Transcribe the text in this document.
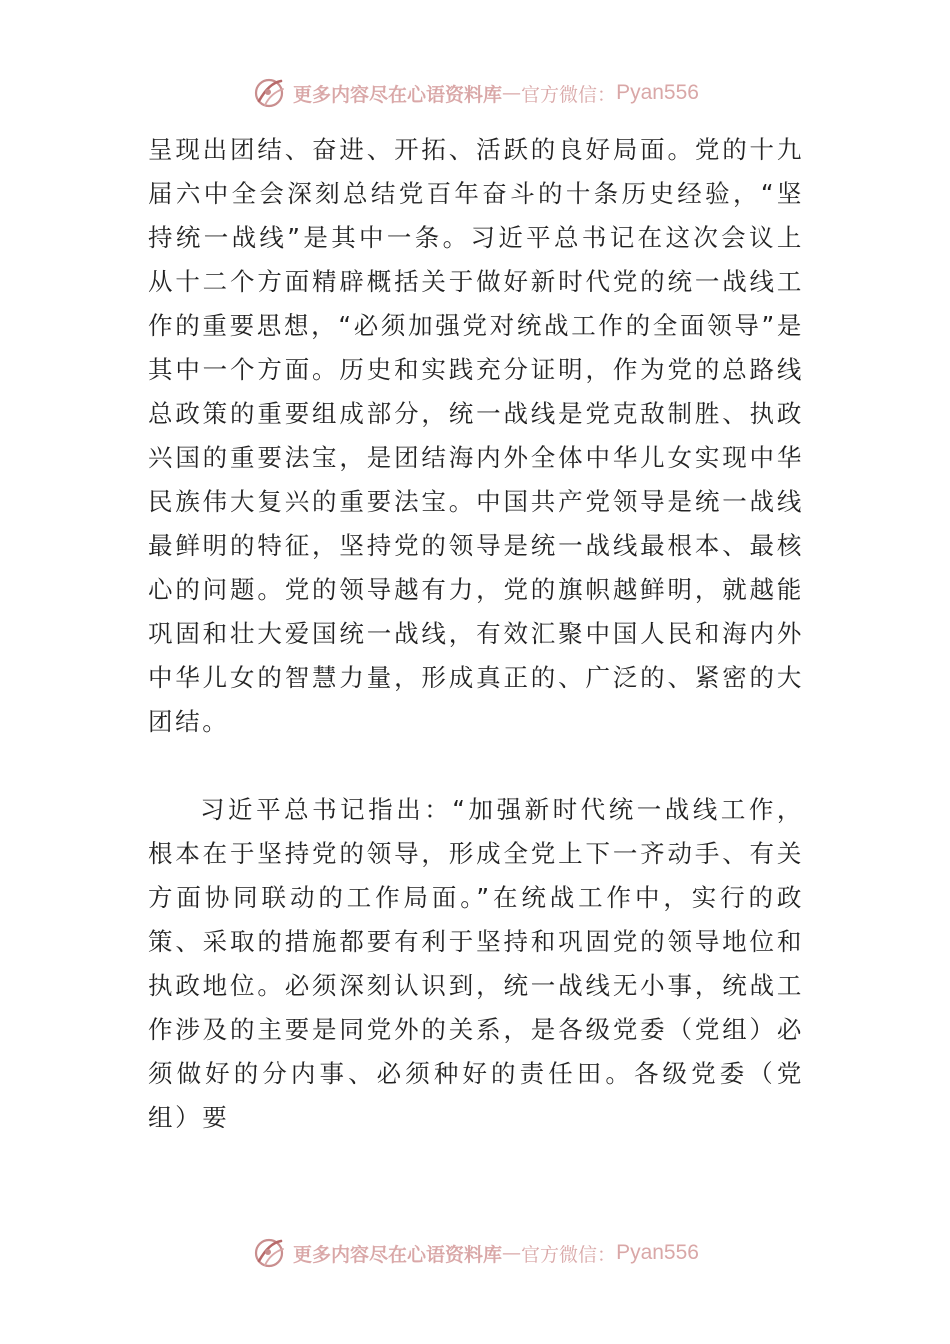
更多内容尽在心语资料库 — 官方微信： Pyan556

呈现出团结、奋进、开拓、活跃的良好局面。党的十九届六中全会深刻总结党百年奋斗的十条历史经验，“坚持统一战线”是其中一条。习近平总书记在这次会议上从十二个方面精辟概括关于做好新时代党的统一战线工作的重要思想，“必须加强党对统战工作的全面领导”是其中一个方面。历史和实践充分证明，作为党的总路线总政策的重要组成部分，统一战线是党克敌制胜、执政兴国的重要法宝，是团结海内外全体中华儿女实现中华民族伟大复兴的重要法宝。中国共产党领导是统一战线最鲜明的特征，坚持党的领导是统一战线最根本、最核心的问题。党的领导越有力，党的旗帜越鲜明，就越能巩固和壮大爱国统一战线，有效汇聚中国人民和海内外中华儿女的智慧力量，形成真正的、广泛的、紧密的大团结。

习近平总书记指出：“加强新时代统一战线工作，根本在于坚持党的领导，形成全党上下一齐动手、有关方面协同联动的工作局面。”在统战工作中，实行的政策、采取的措施都要有利于坚持和巩固党的领导地位和执政地位。必须深刻认识到，统一战线无小事，统战工作涉及的主要是同党外的关系，是各级党委（党组）必须做好的分内事、必须种好的责任田。各级党委（党组）要

更多内容尽在心语资料库 — 官方微信： Pyan556
